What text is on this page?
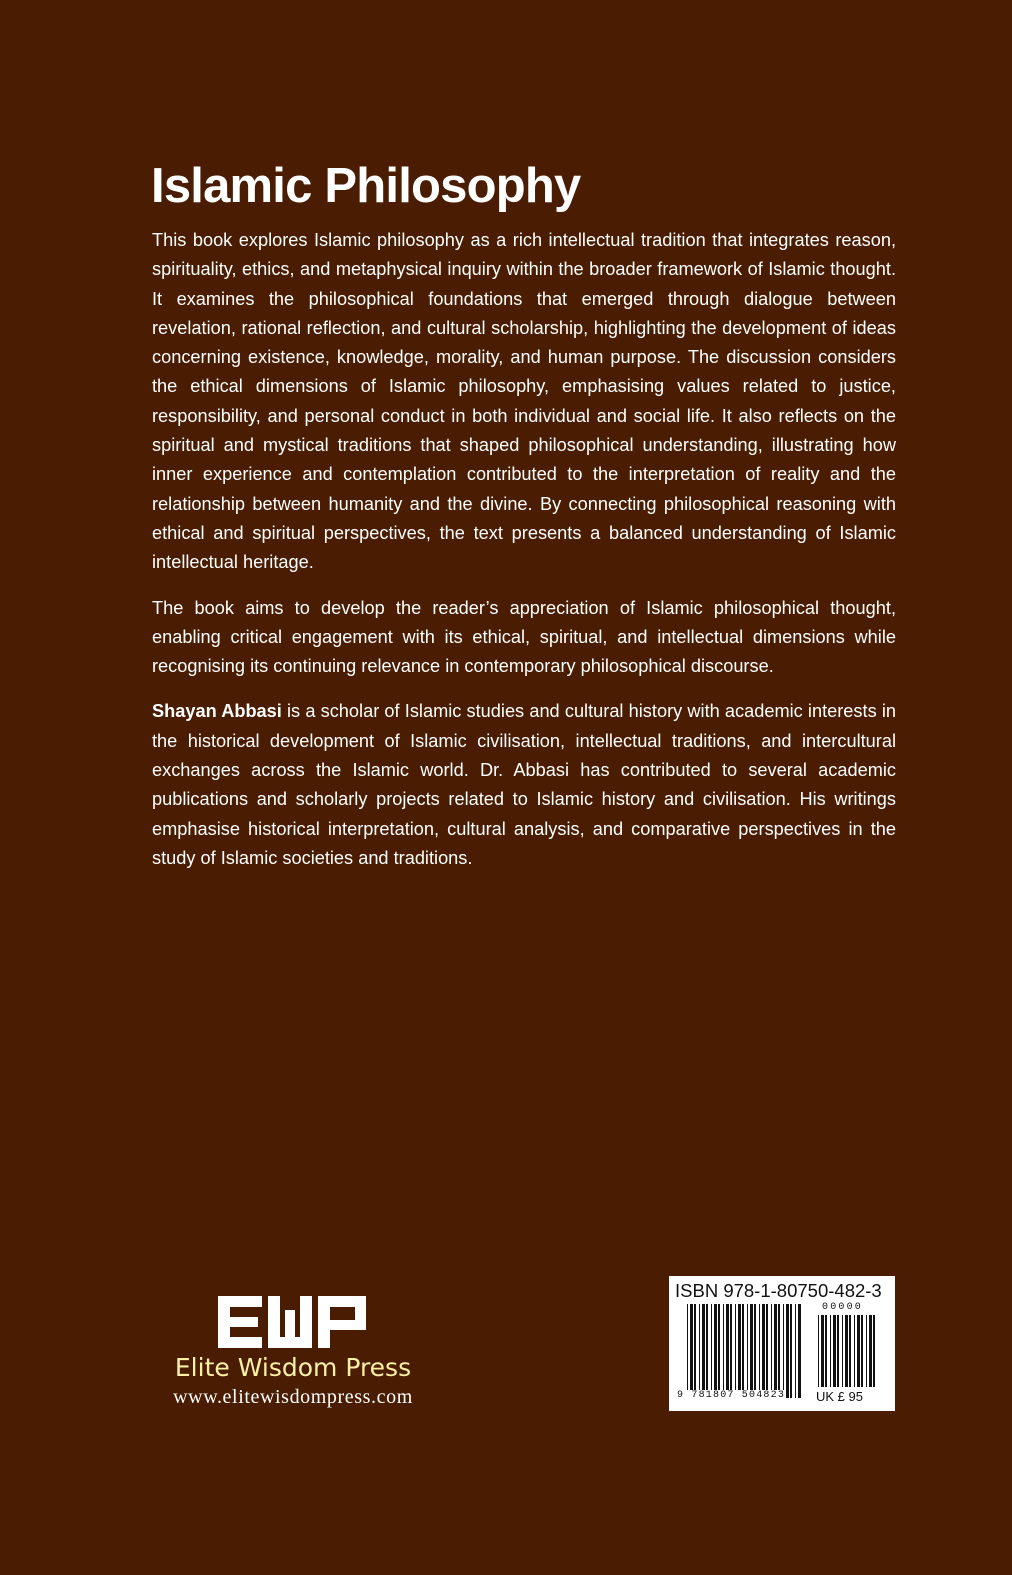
Islamic Philosophy

This book explores Islamic philosophy as a rich intellectual tradition that integrates reason, spirituality, ethics, and metaphysical inquiry within the broader framework of Islamic thought. It examines the philosophical foundations that emerged through dialogue between revelation, rational reflection, and cultural scholarship, highlighting the development of ideas concerning existence, knowledge, morality, and human purpose. The discussion considers the ethical dimensions of Islamic philosophy, emphasising values related to justice, responsibility, and personal conduct in both individual and social life. It also reflects on the spiritual and mystical traditions that shaped philosophical understanding, illustrating how inner experience and contemplation contributed to the interpretation of reality and the relationship between humanity and the divine. By connecting philosophical reasoning with ethical and spiritual perspectives, the text presents a balanced understanding of Islamic intellectual heritage.

The book aims to develop the reader’s appreciation of Islamic philosophical thought, enabling critical engagement with its ethical, spiritual, and intellectual dimensions while recognising its continuing relevance in contemporary philosophical discourse.

Shayan Abbasi is a scholar of Islamic studies and cultural history with academic interests in the historical development of Islamic civilisation, intellectual traditions, and intercultural exchanges across the Islamic world. Dr. Abbasi has contributed to several academic publications and scholarly projects related to Islamic history and civilisation. His writings emphasise historical interpretation, cultural analysis, and comparative perspectives in the study of Islamic societies and traditions.

Elite Wisdom Press
www.elitewisdompress.com
ISBN 978-1-80750-482-3
00000
9 781807 504823 UK £ 95
